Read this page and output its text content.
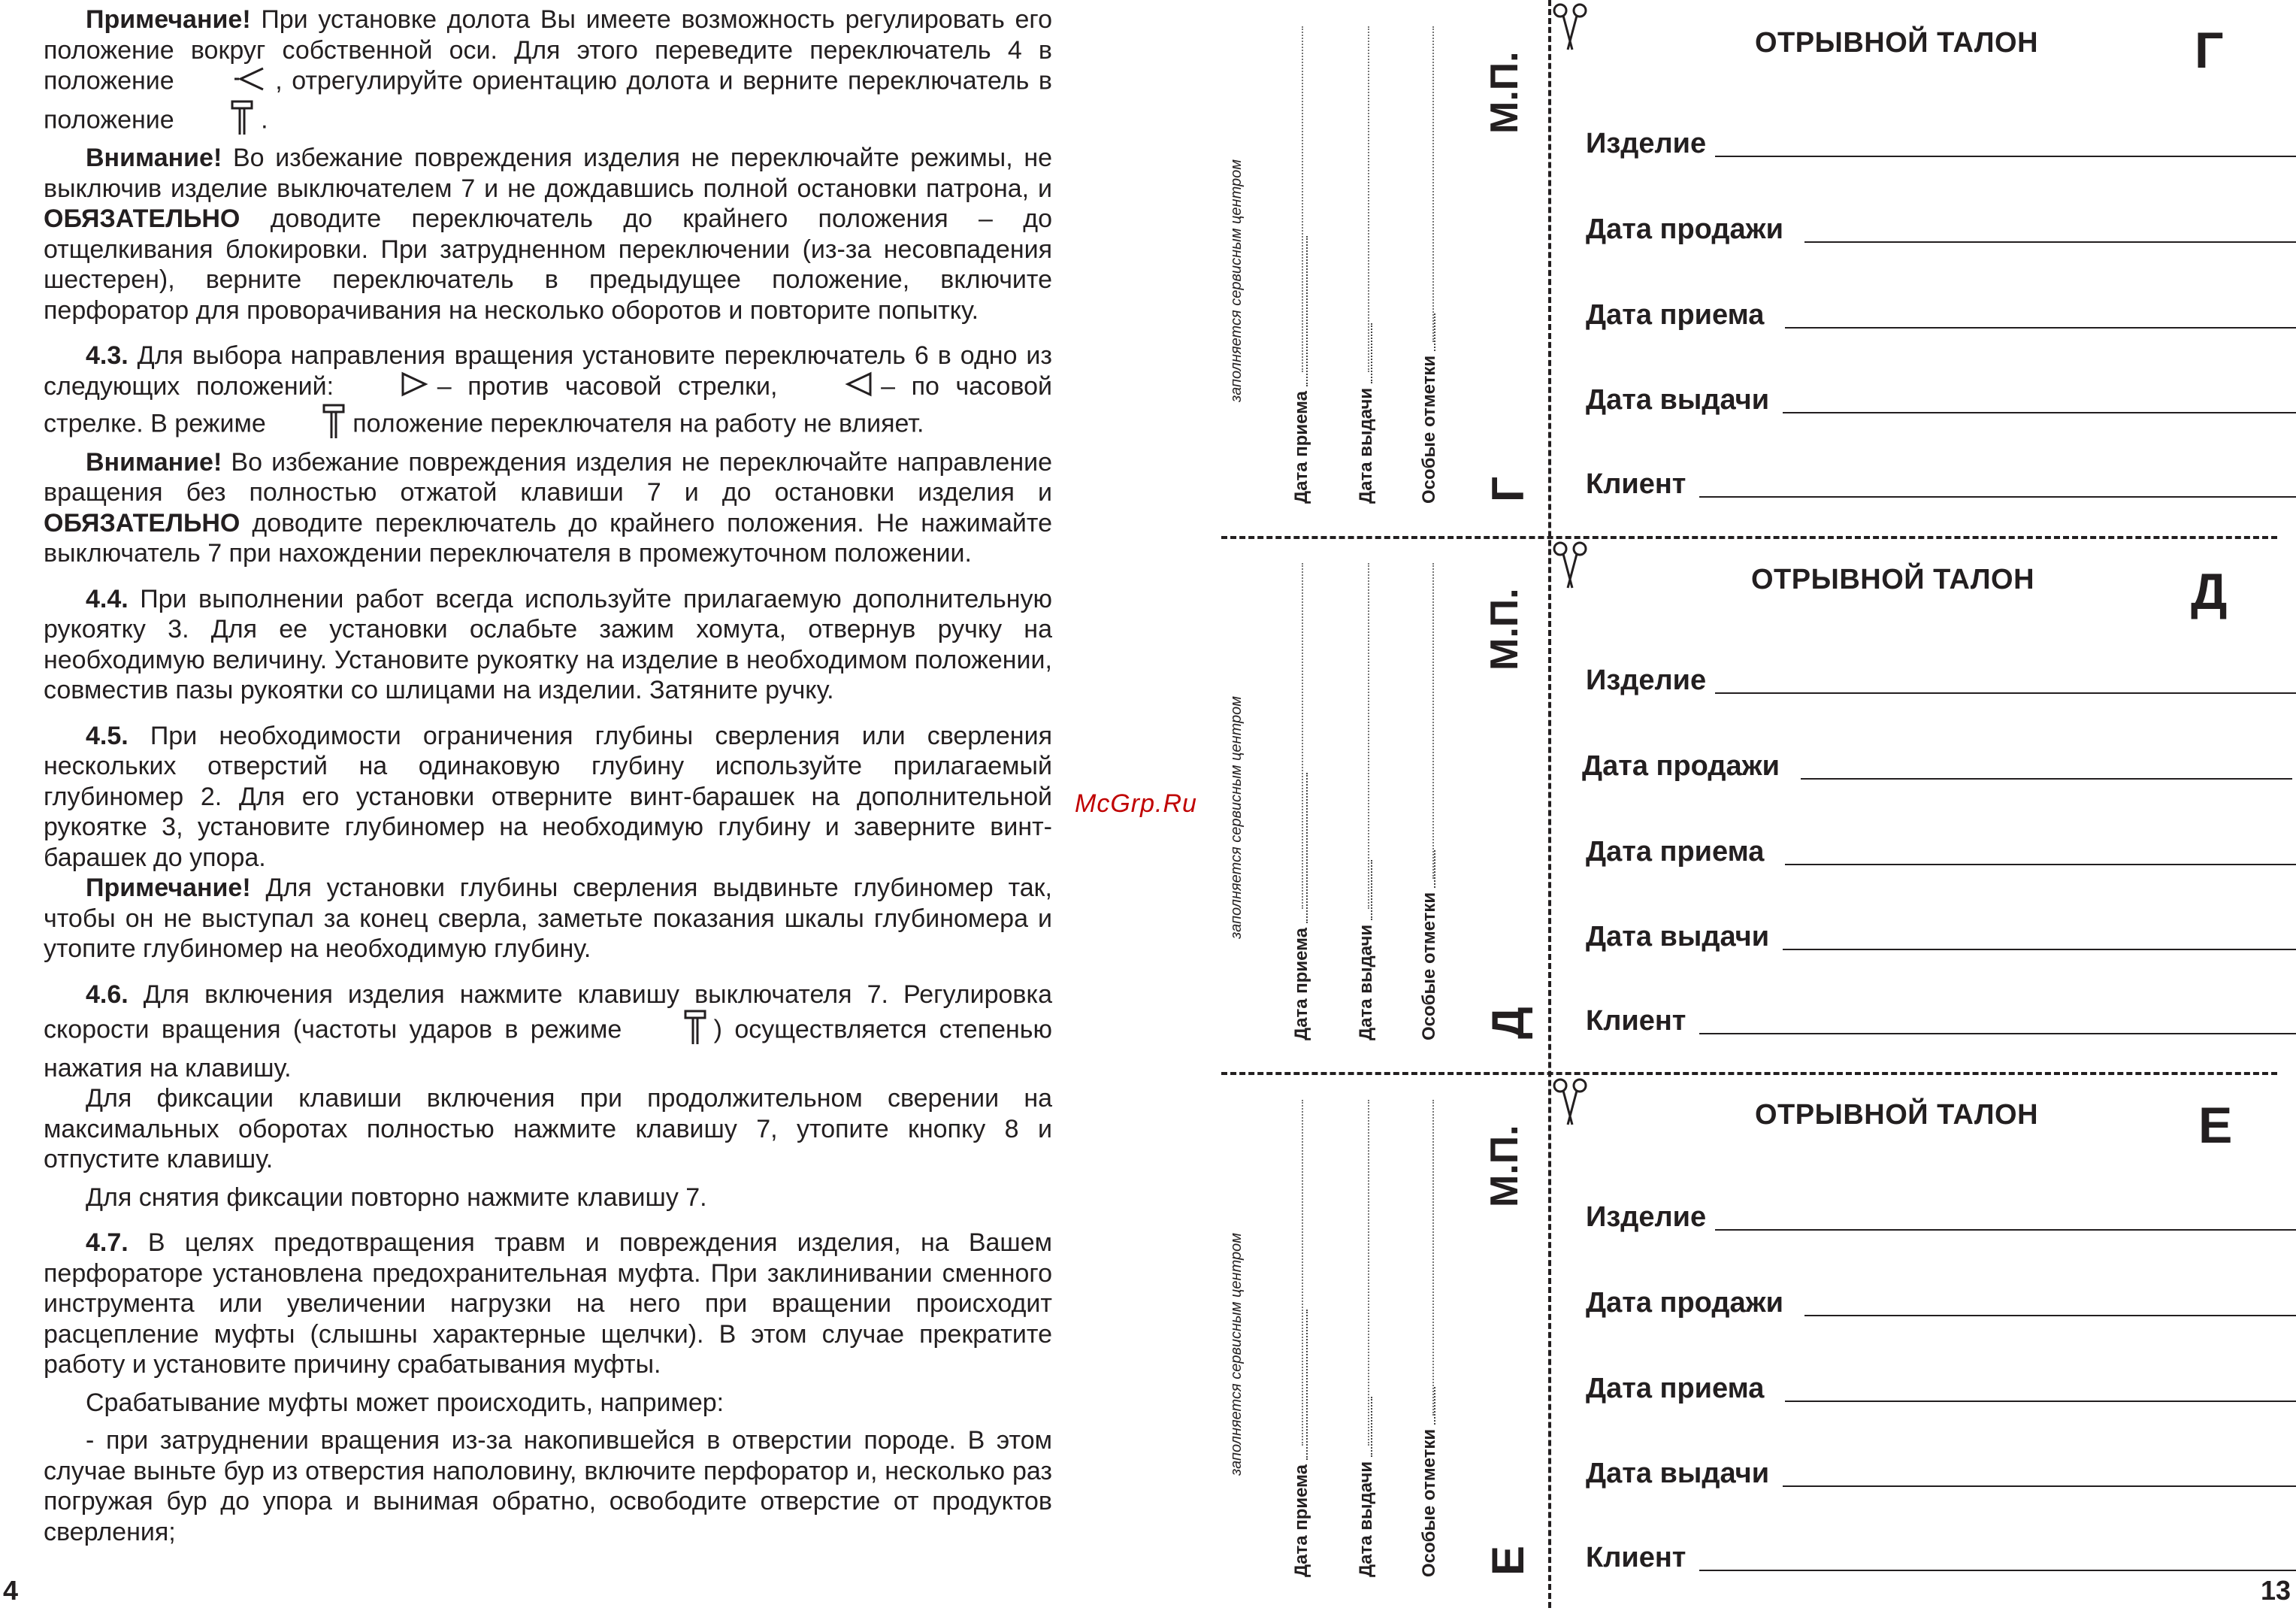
Примечание! При установке долота Вы имеете возможность регулировать его положение вокруг собственной оси. Для этого переведите переключатель 4 в положение	, отрегулируйте ориентацию долота и верните переключатель в положение	.

Внимание! Во избежание повреждения изделия не переключайте режимы, не выключив изделие выключателем 7 и не дождавшись полной остановки патрона, и ОБЯЗАТЕЛЬНО доводите переключатель до крайнего положения – до отщелкивания блокировки. При затрудненном переключении (из-за несовпадения шестерен), верните переключатель в предыдущее положение, включите перфоратор для проворачивания на несколько оборотов и повторите попытку.

4.3. Для выбора направления вращения установите переключатель 6 в одно из следующих положений:	– против часовой стрелки,	– по часовой стрелке. В режиме	положение переключателя на работу не влияет.

Внимание! Во избежание повреждения изделия не переключайте направление вращения без полностью отжатой клавиши 7 и до остановки изделия и ОБЯЗАТЕЛЬНО доводите переключатель до крайнего положения. Не нажимайте выключатель 7 при нахождении переключателя в промежуточном положении.

4.4. При выполнении работ всегда используйте прилагаемую дополнительную рукоятку 3. Для ее установки ослабьте зажим хомута, отвернув ручку на необходимую величину. Установите рукоятку на изделие в необходимом положении, совместив пазы рукоятки со шлицами на изделии. Затяните ручку.

4.5. При необходимости ограничения глубины сверления или сверления нескольких отверстий на одинаковую глубину используйте прилагаемый глубиномер 2. Для его установки отверните винт-барашек на дополнительной рукоятке 3, установите глубиномер на необходимую глубину и заверните винт-барашек до упора.

Примечание! Для установки глубины сверления выдвиньте глубиномер так, чтобы он не выступал за конец сверла, заметьте показания шкалы глубиномера и утопите глубиномер на необходимую глубину.

4.6. Для включения изделия нажмите клавишу выключателя 7. Регулировка скорости вращения (частоты ударов в режиме	) осуществляется степенью нажатия на клавишу.

Для фиксации клавиши включения при продолжительном сверении на максимальных оборотах полностью нажмите клавишу 7, утопите кнопку 8 и отпустите клавишу.

Для снятия фиксации повторно нажмите клавишу 7.

4.7. В целях предотвращения травм и повреждения изделия, на Вашем перфораторе установлена предохранительная муфта. При заклинивании сменного инструмента или увеличении нагрузки на него при вращении происходит расцепление муфты (слышны характерные щелчки). В этом случае прекратите работу и установите причину срабатывания муфты.

Срабатывание муфты может происходить, например:

- при затруднении вращения из-за накопившейся в отверстии породе. В этом случае выньте бур из отверстия наполовину, включите перфоратор и, несколько раз погружая бур до упора и вынимая обратно, освободите отверстие от продуктов сверления;

4
McGrp.Ru
заполняется сервисным центром
Дата приема Дата выдачи Особые отметки
М.П.
Г
ОТРЫВНОЙ ТАЛОН	Г
Изделие
Дата продажи
Дата приема
Дата выдачи
Клиент
заполняется сервисным центром
Дата приема Дата выдачи Особые отметки
М.П.
Д
ОТРЫВНОЙ ТАЛОН	Д
Изделие
Дата продажи
Дата приема
Дата выдачи
Клиент
заполняется сервисным центром
Дата приема Дата выдачи Особые отметки
М.П.
Е
ОТРЫВНОЙ ТАЛОН	Е
Изделие
Дата продажи
Дата приема
Дата выдачи
Клиент
13
